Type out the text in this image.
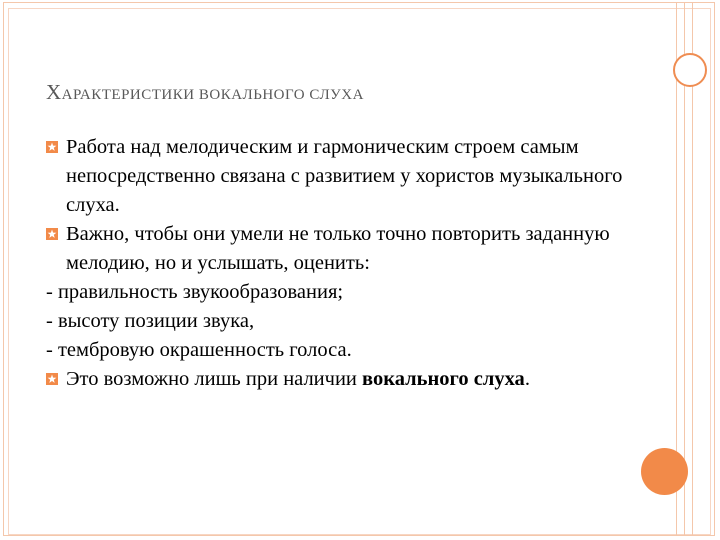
ХАРАКТЕРИСТИКИ ВОКАЛЬНОГО СЛУХА
Работа над мелодическим и гармоническим строем самым непосредственно связана с развитием у хористов музыкального слуха.
Важно, чтобы они умели не только точно повторить заданную мелодию, но и услышать, оценить:
- правильность звукообразования;
- высоту позиции звука,
- тембровую окрашенность голоса.
Это возможно лишь при наличии вокального слуха.
